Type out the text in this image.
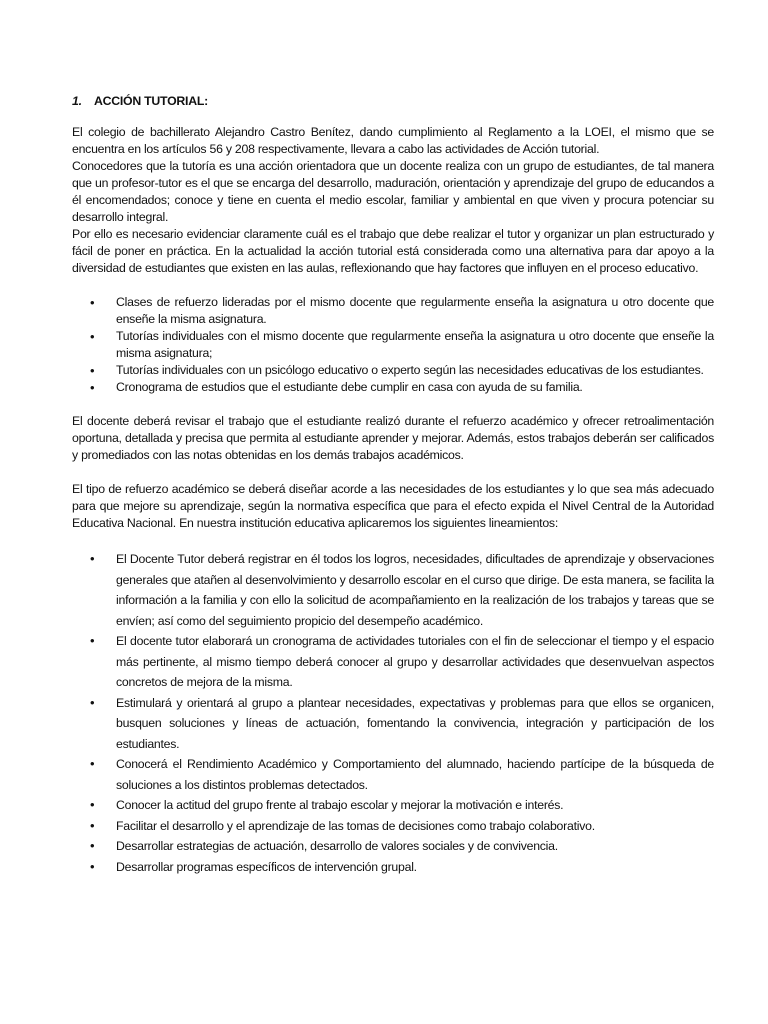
1. ACCIÓN TUTORIAL:

El colegio de bachillerato Alejandro Castro Benítez, dando cumplimiento al Reglamento a la LOEI, el mismo que se encuentra en los artículos 56 y 208 respectivamente, llevara a cabo las actividades de Acción tutorial.

Conocedores que la tutoría es una acción orientadora que un docente realiza con un grupo de estudiantes, de tal manera que un profesor-tutor es el que se encarga del desarrollo, maduración, orientación y aprendizaje del grupo de educandos a él encomendados; conoce y tiene en cuenta el medio escolar, familiar y ambiental en que viven y procura potenciar su desarrollo integral.

Por ello es necesario evidenciar claramente cuál es el trabajo que debe realizar el tutor y organizar un plan estructurado y fácil de poner en práctica. En la actualidad la acción tutorial está considerada como una alternativa para dar apoyo a la diversidad de estudiantes que existen en las aulas, reflexionando que hay factores que influyen en el proceso educativo.

• Clases de refuerzo lideradas por el mismo docente que regularmente enseña la asignatura u otro docente que enseñe la misma asignatura.
• Tutorías individuales con el mismo docente que regularmente enseña la asignatura u otro docente que enseñe la misma asignatura;
• Tutorías individuales con un psicólogo educativo o experto según las necesidades educativas de los estudiantes.
• Cronograma de estudios que el estudiante debe cumplir en casa con ayuda de su familia.

El docente deberá revisar el trabajo que el estudiante realizó durante el refuerzo académico y ofrecer retroalimentación oportuna, detallada y precisa que permita al estudiante aprender y mejorar. Además, estos trabajos deberán ser calificados y promediados con las notas obtenidas en los demás trabajos académicos.

El tipo de refuerzo académico se deberá diseñar acorde a las necesidades de los estudiantes y lo que sea más adecuado para que mejore su aprendizaje, según la normativa específica que para el efecto expida el Nivel Central de la Autoridad Educativa Nacional. En nuestra institución educativa aplicaremos los siguientes lineamientos:

• El Docente Tutor deberá registrar en él todos los logros, necesidades, dificultades de aprendizaje y observaciones generales que atañen al desenvolvimiento y desarrollo escolar en el curso que dirige. De esta manera, se facilita la información a la familia y con ello la solicitud de acompañamiento en la realización de los trabajos y tareas que se envíen; así como del seguimiento propicio del desempeño académico.
• El docente tutor elaborará un cronograma de actividades tutoriales con el fin de seleccionar el tiempo y el espacio más pertinente, al mismo tiempo deberá conocer al grupo y desarrollar actividades que desenvuelvan aspectos concretos de mejora de la misma.
• Estimulará y orientará al grupo a plantear necesidades, expectativas y problemas para que ellos se organicen, busquen soluciones y líneas de actuación, fomentando la convivencia, integración y participación de los estudiantes.
• Conocerá el Rendimiento Académico y Comportamiento del alumnado, haciendo partícipe de la búsqueda de soluciones a los distintos problemas detectados.
• Conocer la actitud del grupo frente al trabajo escolar y mejorar la motivación e interés.
• Facilitar el desarrollo y el aprendizaje de las tomas de decisiones como trabajo colaborativo.
• Desarrollar estrategias de actuación, desarrollo de valores sociales y de convivencia.
• Desarrollar programas específicos de intervención grupal.
